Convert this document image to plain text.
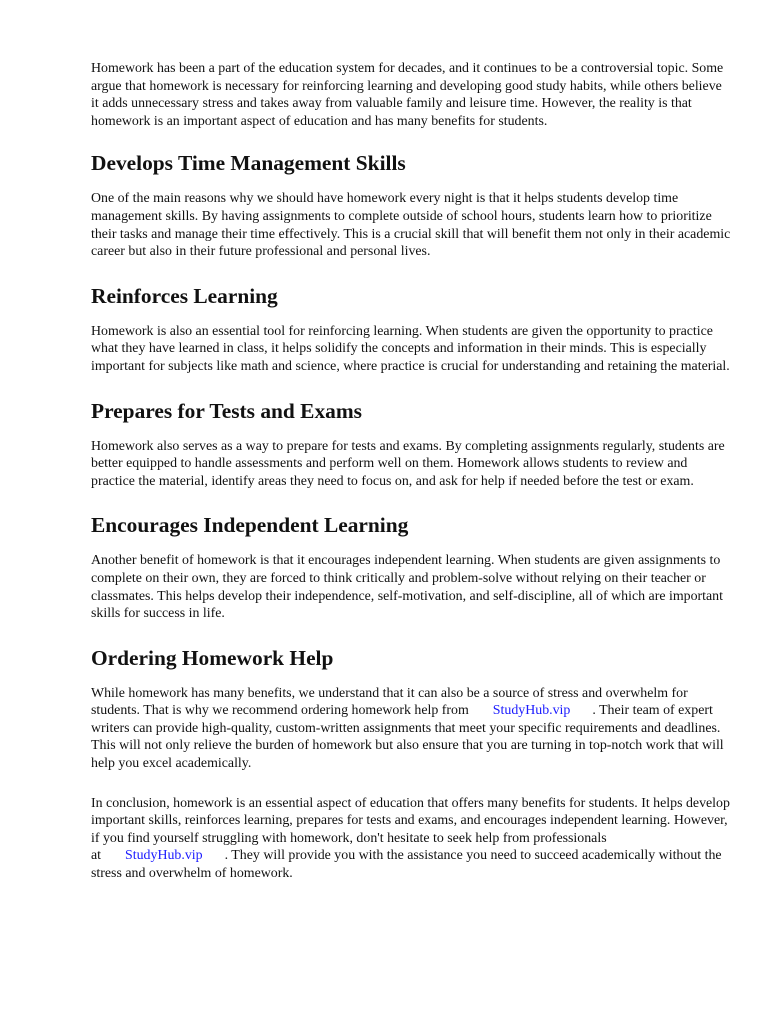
Homework has been a part of the education system for decades, and it continues to be a controversial topic. Some argue that homework is necessary for reinforcing learning and developing good study habits, while others believe it adds unnecessary stress and takes away from valuable family and leisure time. However, the reality is that homework is an important aspect of education and has many benefits for students.

Develops Time Management Skills

One of the main reasons why we should have homework every night is that it helps students develop time management skills. By having assignments to complete outside of school hours, students learn how to prioritize their tasks and manage their time effectively. This is a crucial skill that will benefit them not only in their academic career but also in their future professional and personal lives.

Reinforces Learning

Homework is also an essential tool for reinforcing learning. When students are given the opportunity to practice what they have learned in class, it helps solidify the concepts and information in their minds. This is especially important for subjects like math and science, where practice is crucial for understanding and retaining the material.

Prepares for Tests and Exams

Homework also serves as a way to prepare for tests and exams. By completing assignments regularly, students are better equipped to handle assessments and perform well on them. Homework allows students to review and practice the material, identify areas they need to focus on, and ask for help if needed before the test or exam.

Encourages Independent Learning

Another benefit of homework is that it encourages independent learning. When students are given assignments to complete on their own, they are forced to think critically and problem-solve without relying on their teacher or classmates. This helps develop their independence, self-motivation, and self-discipline, all of which are important skills for success in life.

Ordering Homework Help

While homework has many benefits, we understand that it can also be a source of stress and overwhelm for students. That is why we recommend ordering homework help from StudyHub.vip . Their team of expert writers can provide high-quality, custom-written assignments that meet your specific requirements and deadlines. This will not only relieve the burden of homework but also ensure that you are turning in top-notch work that will help you excel academically.

In conclusion, homework is an essential aspect of education that offers many benefits for students. It helps develop important skills, reinforces learning, prepares for tests and exams, and encourages independent learning. However, if you find yourself struggling with homework, don't hesitate to seek help from professionals at StudyHub.vip . They will provide you with the assistance you need to succeed academically without the stress and overwhelm of homework.
